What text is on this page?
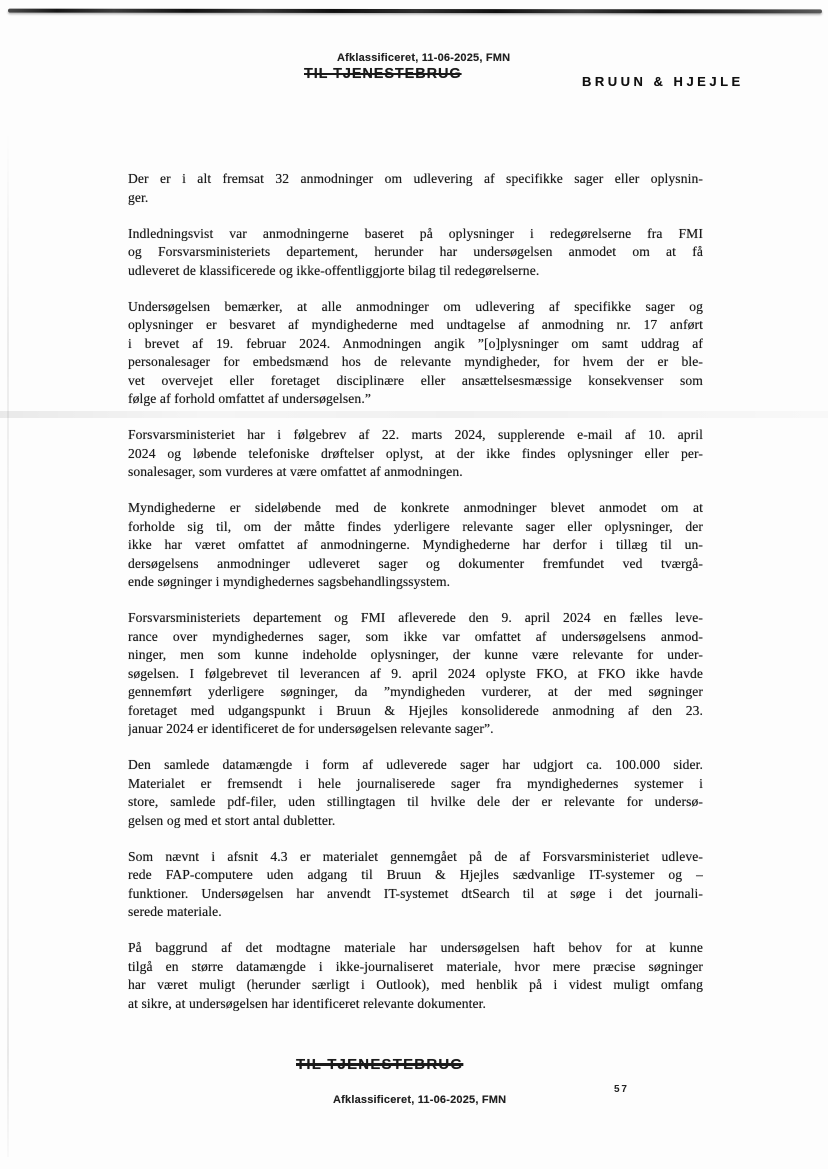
Afklassificeret, 11-06-2025, FMN
TIL TJENESTEBRUG	BRUUN & HJEJLE
Der er i alt fremsat 32 anmodninger om udlevering af specifikke sager eller oplysnin-
ger.
Indledningsvist var anmodningerne baseret på oplysninger i redegørelserne fra FMI
og Forsvarsministeriets departement, herunder har undersøgelsen anmodet om at få
udleveret de klassificerede og ikke-offentliggjorte bilag til redegørelserne.
Undersøgelsen bemærker, at alle anmodninger om udlevering af specifikke sager og
oplysninger er besvaret af myndighederne med undtagelse af anmodning nr. 17 anført
i brevet af 19. februar 2024. Anmodningen angik ”[o]plysninger om samt uddrag af
personalesager for embedsmænd hos de relevante myndigheder, for hvem der er ble-
vet overvejet eller foretaget disciplinære eller ansættelsesmæssige konsekvenser som
følge af forhold omfattet af undersøgelsen.”
Forsvarsministeriet har i følgebrev af 22. marts 2024, supplerende e-mail af 10. april
2024 og løbende telefoniske drøftelser oplyst, at der ikke findes oplysninger eller per-
sonalesager, som vurderes at være omfattet af anmodningen.
Myndighederne er sideløbende med de konkrete anmodninger blevet anmodet om at
forholde sig til, om der måtte findes yderligere relevante sager eller oplysninger, der
ikke har været omfattet af anmodningerne. Myndighederne har derfor i tillæg til un-
dersøgelsens anmodninger udleveret sager og dokumenter fremfundet ved tværgå-
ende søgninger i myndighedernes sagsbehandlingssystem.
Forsvarsministeriets departement og FMI afleverede den 9. april 2024 en fælles leve-
rance over myndighedernes sager, som ikke var omfattet af undersøgelsens anmod-
ninger, men som kunne indeholde oplysninger, der kunne være relevante for under-
søgelsen. I følgebrevet til leverancen af 9. april 2024 oplyste FKO, at FKO ikke havde
gennemført yderligere søgninger, da ”myndigheden vurderer, at der med søgninger
foretaget med udgangspunkt i Bruun & Hjejles konsoliderede anmodning af den 23.
januar 2024 er identificeret de for undersøgelsen relevante sager”.
Den samlede datamængde i form af udleverede sager har udgjort ca. 100.000 sider.
Materialet er fremsendt i hele journaliserede sager fra myndighedernes systemer i
store, samlede pdf-filer, uden stillingtagen til hvilke dele der er relevante for undersø-
gelsen og med et stort antal dubletter.
Som nævnt i afsnit 4.3 er materialet gennemgået på de af Forsvarsministeriet udleve-
rede FAP-computere uden adgang til Bruun & Hjejles sædvanlige IT-systemer og –
funktioner. Undersøgelsen har anvendt IT-systemet dtSearch til at søge i det journali-
serede materiale.
På baggrund af det modtagne materiale har undersøgelsen haft behov for at kunne
tilgå en større datamængde i ikke-journaliseret materiale, hvor mere præcise søgninger
har været muligt (herunder særligt i Outlook), med henblik på i videst muligt omfang
at sikre, at undersøgelsen har identificeret relevante dokumenter.
TIL TJENESTEBRUG
Afklassificeret, 11-06-2025, FMN
57
